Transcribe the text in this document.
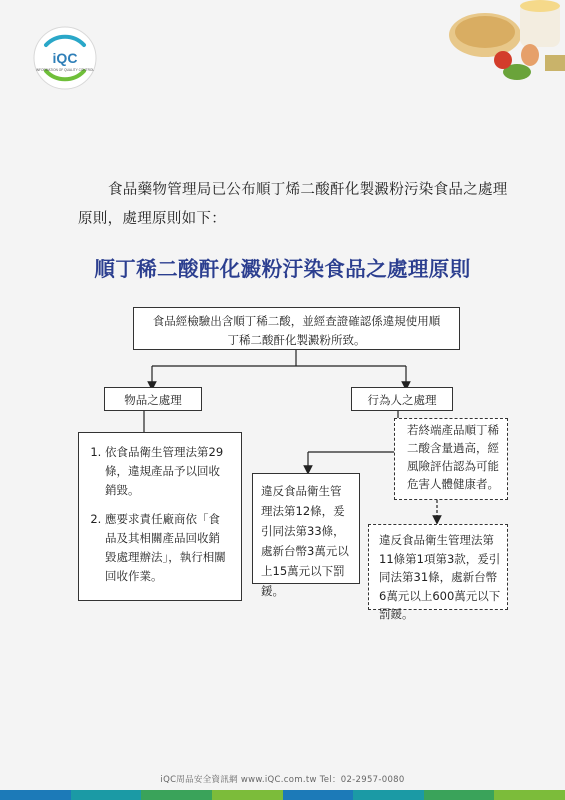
iQC
INFORMATION OF QUALITY CONTROL
食品藥物管理局已公布順丁烯二酸酐化製澱粉污染食品之處理原則，處理原則如下：
順丁稀二酸酐化澱粉汙染食品之處理原則
食品經檢驗出含順丁稀二酸，並經查證確認係違規使用順丁稀二酸酐化製澱粉所致。
物品之處理	行為人之處理
1. 依食品衛生管理法第29條，違規產品予以回收銷毀。
2. 應要求責任廠商依「食品及其相關產品回收銷毀處理辦法」，執行相關回收作業。
若終端產品順丁稀二酸含量過高，經風險評估認為可能危害人體健康者。
違反食品衛生管理法第12條，爰引同法第33條，處新台幣3萬元以上15萬元以下罰鍰。
違反食品衛生管理法第11條第1項第3款，爰引同法第31條，處新台幣6萬元以上600萬元以下罰鍰。
iQC周品安全資訊網 www.iQC.com.tw Tel：02-2957-0080
